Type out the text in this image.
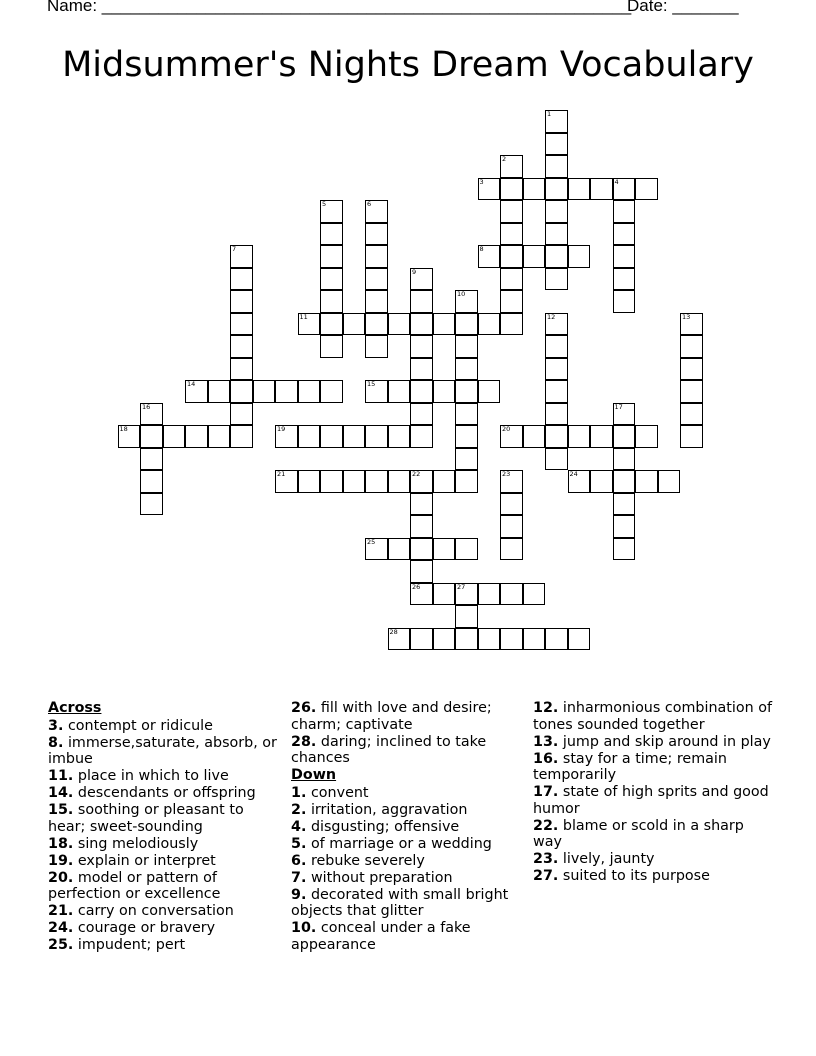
Name: ________________________________________________________
Date: _______
Midsummer's Nights Dream Vocabulary
1
2
3	4
5	6
7	8
9
10
11	12	13
14	15
16	17
18	19	20
21	22
26
23	24
25
27
28
Across
3. contempt or ridicule
8. immerse,saturate, absorb, or imbue
11. place in which to live
14. descendants or offspring
15. soothing or pleasant to hear; sweet-sounding
18. sing melodiously
19. explain or interpret
20. model or pattern of perfection or excellence
21. carry on conversation
24. courage or bravery
25. impudent; pert
26. fill with love and desire; charm; captivate
28. daring; inclined to take chances
Down
1. convent
2. irritation, aggravation
4. disgusting; offensive
5. of marriage or a wedding
6. rebuke severely
7. without preparation
9. decorated with small bright objects that glitter
10. conceal under a fake appearance
12. inharmonious combination of tones sounded together
13. jump and skip around in play
16. stay for a time; remain temporarily
17. state of high sprits and good humor
22. blame or scold in a sharp way
23. lively, jaunty
27. suited to its purpose
